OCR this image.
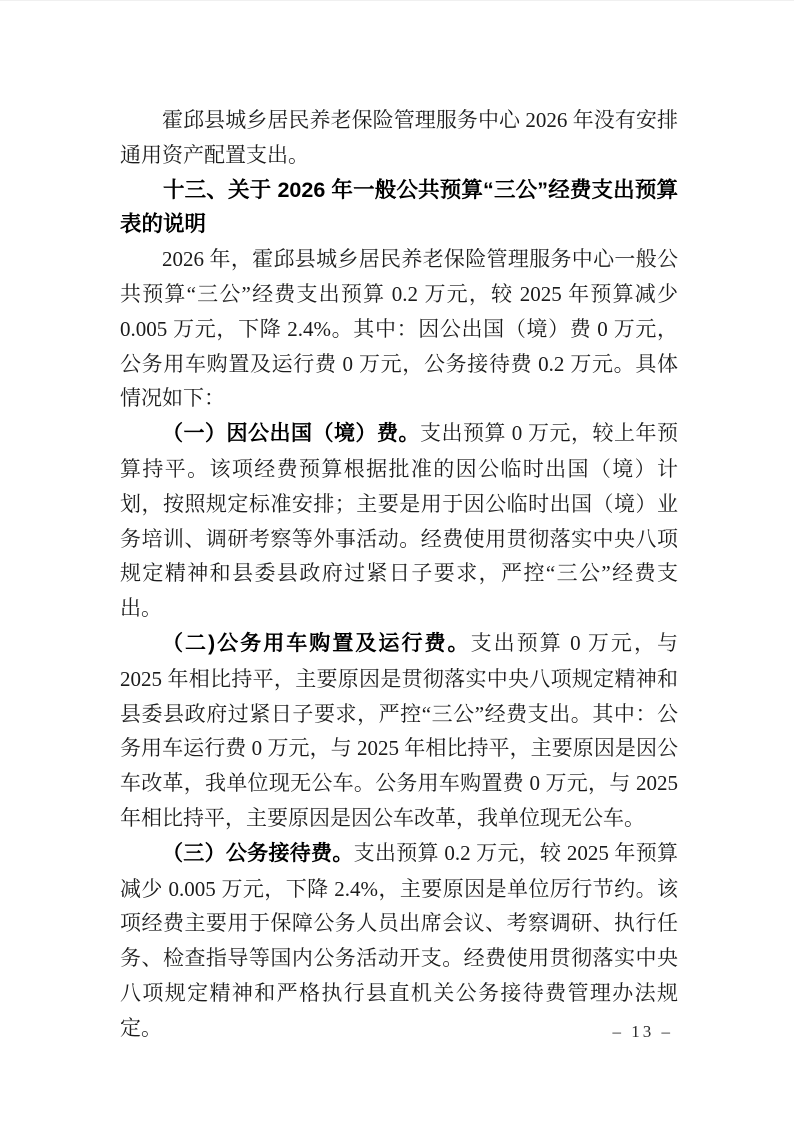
霍邱县城乡居民养老保险管理服务中心 2026 年没有安排通用资产配置支出。

十三、关于 2026 年一般公共预算“三公”经费支出预算表的说明

2026 年，霍邱县城乡居民养老保险管理服务中心一般公共预算“三公”经费支出预算 0.2 万元，较 2025 年预算减少 0.005 万元，下降 2.4%。其中：因公出国（境）费 0 万元，公务用车购置及运行费 0 万元，公务接待费 0.2 万元。具体情况如下：

（一）因公出国（境）费。支出预算 0 万元，较上年预算持平。该项经费预算根据批准的因公临时出国（境）计划，按照规定标准安排；主要是用于因公临时出国（境）业务培训、调研考察等外事活动。经费使用贯彻落实中央八项规定精神和县委县政府过紧日子要求，严控“三公”经费支出。

（二)公务用车购置及运行费。支出预算 0 万元，与 2025 年相比持平，主要原因是贯彻落实中央八项规定精神和县委县政府过紧日子要求，严控“三公”经费支出。其中：公务用车运行费 0 万元，与 2025 年相比持平，主要原因是因公车改革，我单位现无公车。公务用车购置费 0 万元，与 2025 年相比持平，主要原因是因公车改革，我单位现无公车。

（三）公务接待费。支出预算 0.2 万元，较 2025 年预算减少 0.005 万元，下降 2.4%，主要原因是单位厉行节约。该项经费主要用于保障公务人员出席会议、考察调研、执行任务、检查指导等国内公务活动开支。经费使用贯彻落实中央八项规定精神和严格执行县直机关公务接待费管理办法规定。	– 13 –
